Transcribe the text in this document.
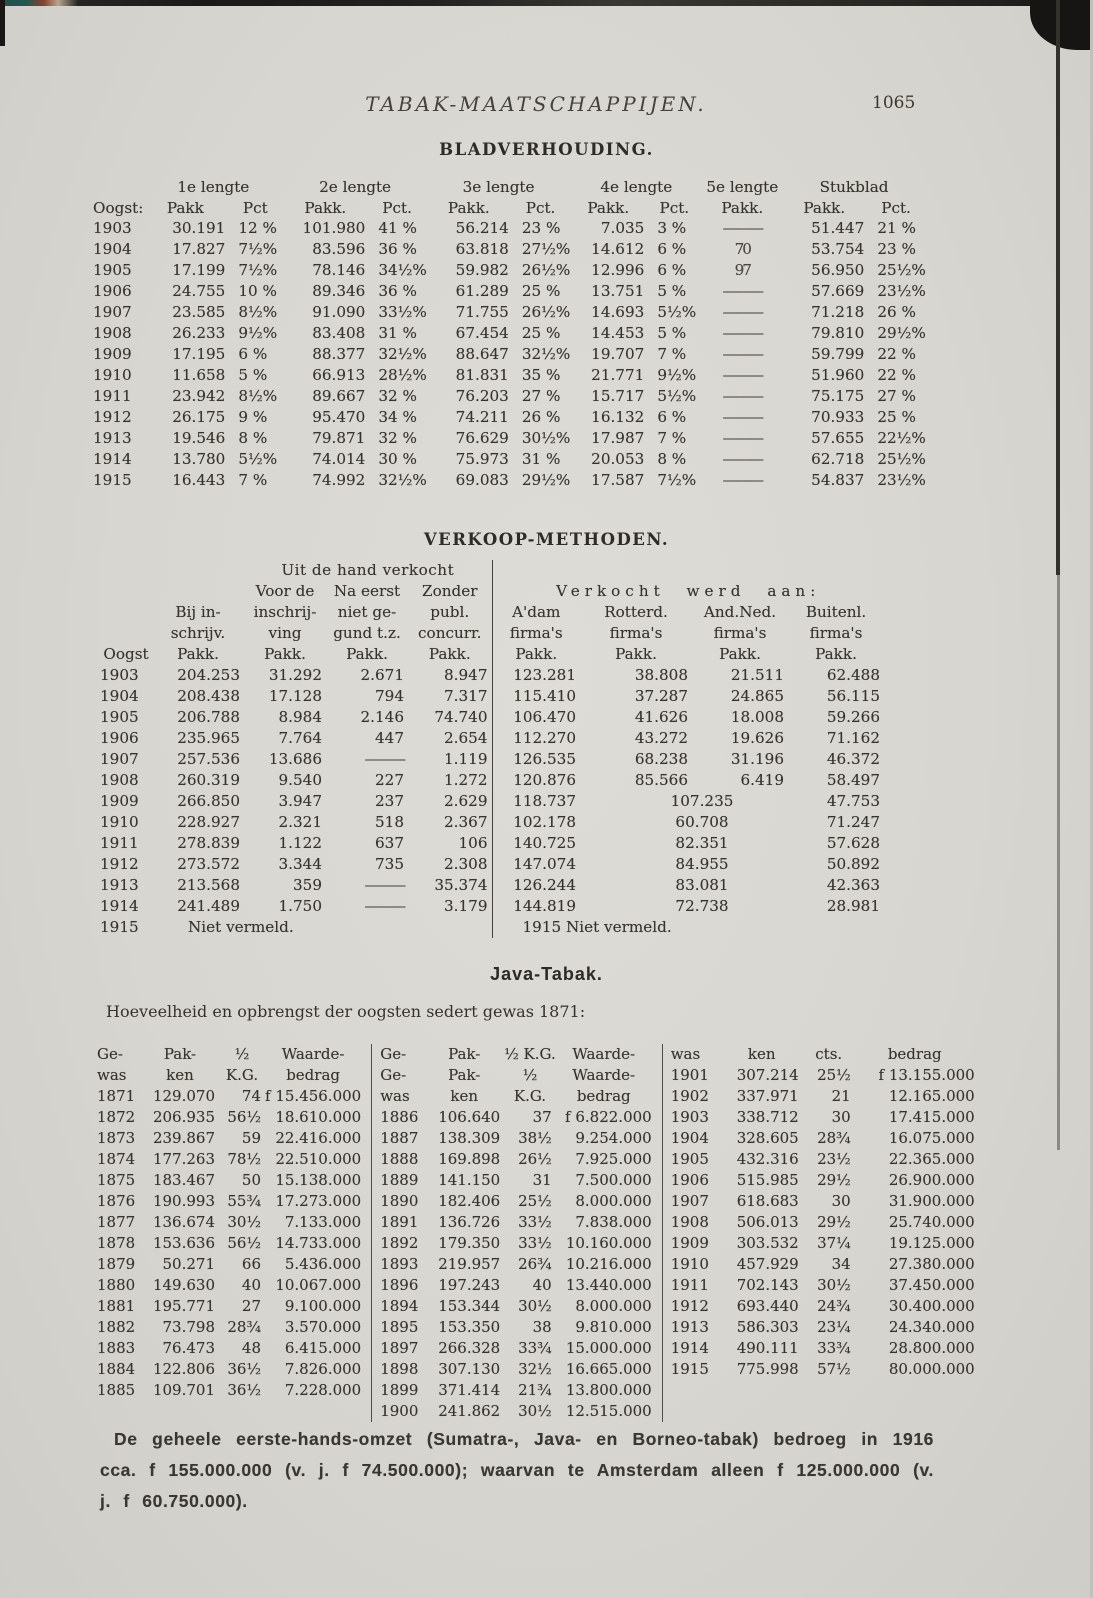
TABAK-MAATSCHAPPIJEN.	1065
BLADVERHOUDING.
	1e lengte		2e lengte		3e lengte		4e lengte		5e lengte	Stukblad	
Oogst:	Pakk	Pct	Pakk.	Pct.	Pakk.	Pct.	Pakk.	Pct.	Pakk.	Pakk.	Pct.
1903	30.191	12 %	101.980	41 %	56.214	23 %	7.035	3 %	———	51.447	21 %
1904	17.827	7½%	83.596	36 %	63.818	27½%	14.612	6 %	70	53.754	23 %
1905	17.199	7½%	78.146	34½%	59.982	26½%	12.996	6 %	97	56.950	25½%
1906	24.755	10 %	89.346	36 %	61.289	25 %	13.751	5 %	———	57.669	23½%
1907	23.585	8½%	91.090	33½%	71.755	26½%	14.693	5½%	———	71.218	26 %
1908	26.233	9½%	83.408	31 %	67.454	25 %	14.453	5 %	———	79.810	29½%
1909	17.195	6 %	88.377	32½%	88.647	32½%	19.707	7 %	———	59.799	22 %
1910	11.658	5 %	66.913	28½%	81.831	35 %	21.771	9½%	———	51.960	22 %
1911	23.942	8½%	89.667	32 %	76.203	27 %	15.717	5½%	———	75.175	27 %
1912	26.175	9 %	95.470	34 %	74.211	26 %	16.132	6 %	———	70.933	25 %
1913	19.546	8 %	79.871	32 %	76.629	30½%	17.987	7 %	———	57.655	22½%
1914	13.780	5½%	74.014	30 %	75.973	31 %	20.053	8 %	———	62.718	25½%
1915	16.443	7 %	74.992	32½%	69.083	29½%	17.587	7½%	———	54.837	23½%
VERKOOP-METHODEN.
		Uit de hand verkocht						
		Voor de	Na eerst	Zonder	Verkocht werd aan:			
	Bij in-	inschrij-	niet ge-	publ.	A'dam	Rotterd.	And.Ned.	Buitenl.
	schrijv.	ving	gund t.z.	concurr.	firma's	firma's	firma's	firma's
Oogst	Pakk.	Pakk.	Pakk.	Pakk.	Pakk.	Pakk.	Pakk.	Pakk.
1903	204.253	31.292	2.671	8.947	123.281	38.808	21.511	62.488
1904	208.438	17.128	794	7.317	115.410	37.287	24.865	56.115
1905	206.788	8.984	2.146	74.740	106.470	41.626	18.008	59.266
1906	235.965	7.764	447	2.654	112.270	43.272	19.626	71.162
1907	257.536	13.686	———	1.119	126.535	68.238	31.196	46.372
1908	260.319	9.540	227	1.272	120.876	85.566	6.419	58.497
1909	266.850	3.947	237	2.629	118.737	107.235		47.753
1910	228.927	2.321	518	2.367	102.178	60.708		71.247
1911	278.839	1.122	637	106	140.725	82.351		57.628
1912	273.572	3.344	735	2.308	147.074	84.955		50.892
1913	213.568	359	———	35.374	126.244	83.081		42.363
1914	241.489	1.750	———	3.179	144.819	72.738		28.981
1915	Niet vermeld.				1915 Niet vermeld.			
Java-Tabak.
Hoeveelheid en opbrengst der oogsten sedert gewas 1871:
Ge-	Pak-	½	Waarde-
was	ken	K.G.	bedrag
1871	129.070	74	f 15.456.000
1872	206.935	56½	18.610.000
1873	239.867	59	22.416.000
1874	177.263	78½	22.510.000
1875	183.467	50	15.138.000
1876	190.993	55¾	17.273.000
1877	136.674	30½	7.133.000
1878	153.636	56½	14.733.000
1879	50.271	66	5.436.000
1880	149.630	40	10.067.000
1881	195.771	27	9.100.000
1882	73.798	28¾	3.570.000
1883	76.473	48	6.415.000
1884	122.806	36½	7.826.000
1885	109.701	36½	7.228.000
Ge-	Pak-	½ K.G.	Waarde-
Ge-	Pak-	½	Waarde-
was	ken	K.G.	bedrag
1886	106.640	37	f 6.822.000
1887	138.309	38½	9.254.000
1888	169.898	26½	7.925.000
1889	141.150	31	7.500.000
1890	182.406	25½	8.000.000
1891	136.726	33½	7.838.000
1892	179.350	33½	10.160.000
1893	219.957	26¾	10.216.000
1896	197.243	40	13.440.000
1894	153.344	30½	8.000.000
1895	153.350	38	9.810.000
1897	266.328	33¾	15.000.000
1898	307.130	32½	16.665.000
1899	371.414	21¾	13.800.000
1900	241.862	30½	12.515.000
was	ken	cts.	bedrag
1901	307.214	25½	f 13.155.000
1902	337.971	21	12.165.000
1903	338.712	30	17.415.000
1904	328.605	28¾	16.075.000
1905	432.316	23½	22.365.000
1906	515.985	29½	26.900.000
1907	618.683	30	31.900.000
1908	506.013	29½	25.740.000
1909	303.532	37¼	19.125.000
1910	457.929	34	27.380.000
1911	702.143	30½	37.450.000
1912	693.440	24¾	30.400.000
1913	586.303	23¼	24.340.000
1914	490.111	33¾	28.800.000
1915	775.998	57½	80.000.000

De geheele eerste-hands-omzet (Sumatra-, Java- en Borneo-tabak) bedroeg in 1916 cca. f 155.000.000 (v. j. f 74.500.000); waarvan te Amsterdam alleen f 125.000.000 (v. j. f 60.750.000).
